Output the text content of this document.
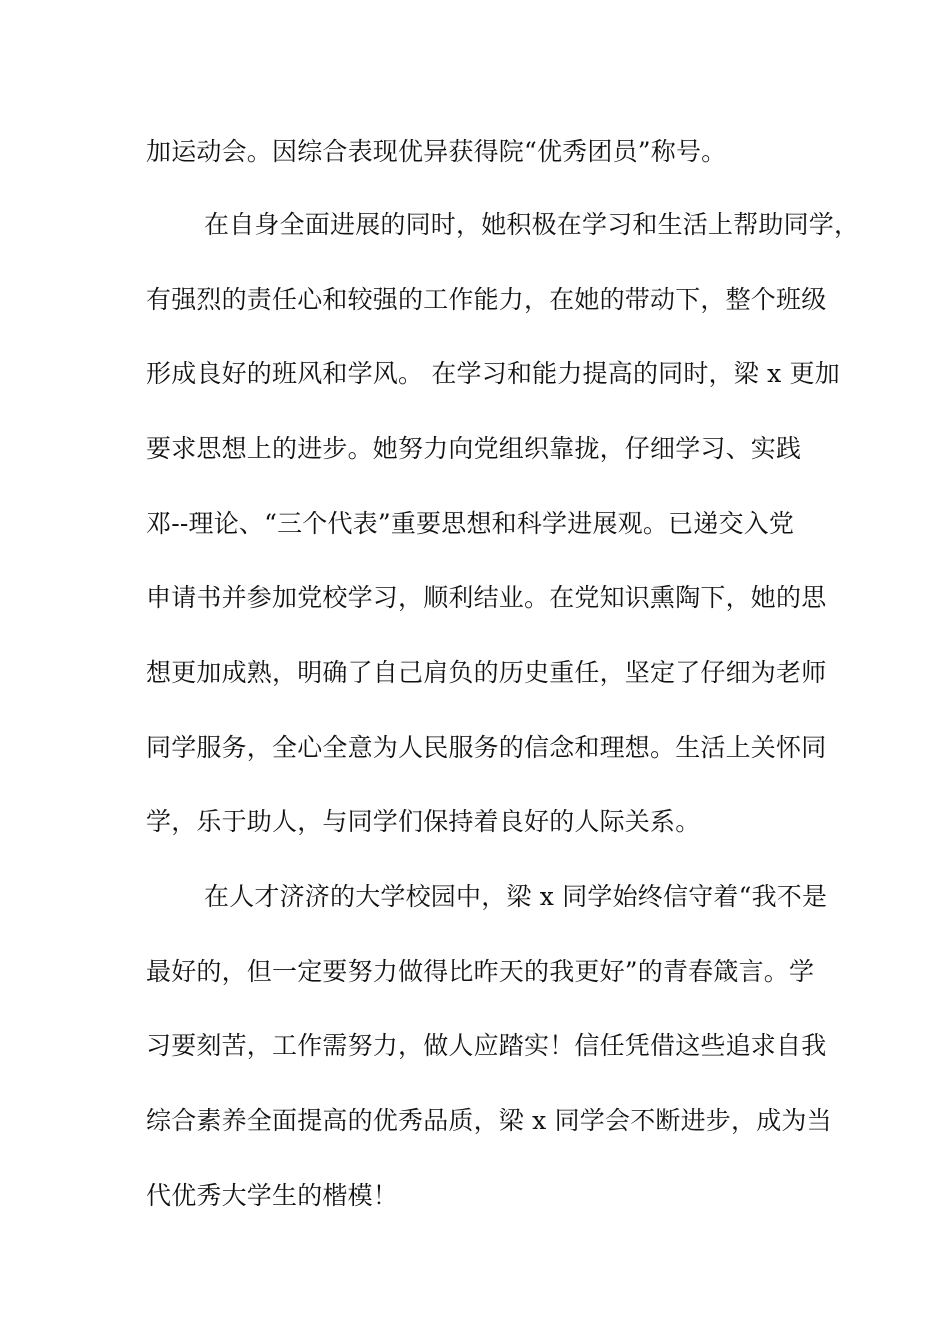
加运动会。因综合表现优异获得院“优秀团员”称号。
在自身全面进展的同时，她积极在学习和生活上帮助同学，
有强烈的责任心和较强的工作能力，在她的带动下，整个班级
形成良好的班风和学风。 在学习和能力提高的同时，梁 x 更加
要求思想上的进步。她努力向党组织靠拢，仔细学习、实践
邓--理论、“三个代表”重要思想和科学进展观。已递交入党
申请书并参加党校学习，顺利结业。在党知识熏陶下，她的思
想更加成熟，明确了自己肩负的历史重任，坚定了仔细为老师
同学服务，全心全意为人民服务的信念和理想。生活上关怀同
学，乐于助人，与同学们保持着良好的人际关系。
在人才济济的大学校园中，梁 x 同学始终信守着“我不是
最好的，但一定要努力做得比昨天的我更好”的青春箴言。学
习要刻苦，工作需努力，做人应踏实！信任凭借这些追求自我
综合素养全面提高的优秀品质，梁 x 同学会不断进步，成为当
代优秀大学生的楷模！
